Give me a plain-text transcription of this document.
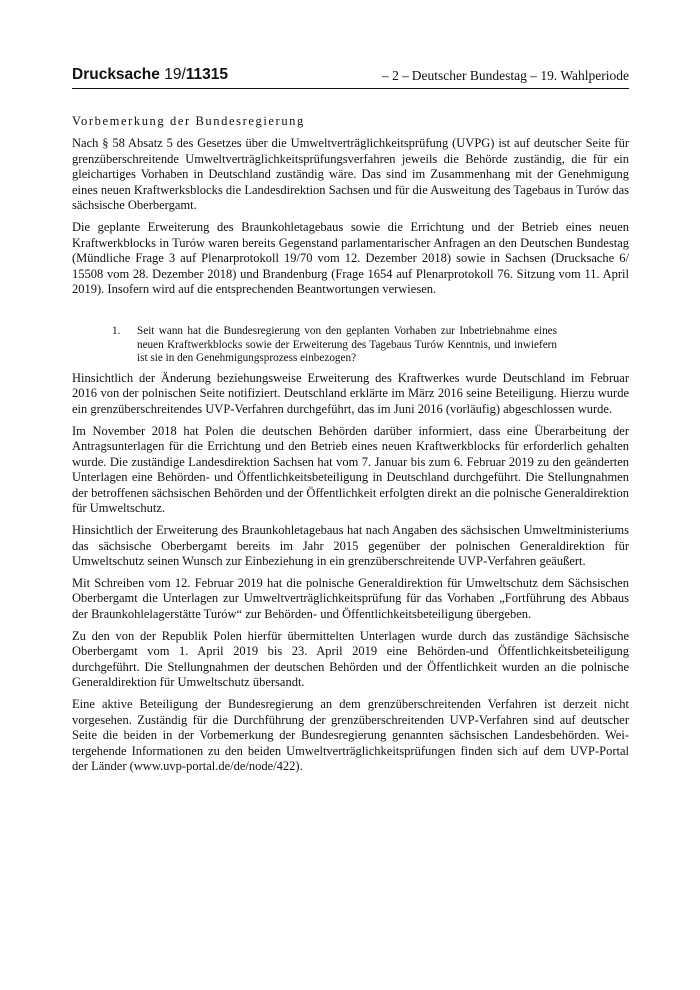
Drucksache 19/11315	– 2 – Deutscher Bundestag – 19. Wahlperiode
Vorbemerkung der Bundesregierung

Nach § 58 Absatz 5 des Gesetzes über die Umweltverträglichkeitsprüfung (UVPG) ist auf deutscher Seite für grenzüberschreitende Umweltverträglichkeitsprüfungsverfahren jeweils die Behörde zuständig, die für ein gleichartiges Vorhaben in Deutschland zuständig wäre. Das sind im Zusammenhang mit der Genehmigung eines neuen Kraftwerksblocks die Landesdirektion Sachsen und für die Ausweitung des Tagebaus in Turów das sächsische Oberbergamt.

Die geplante Erweiterung des Braunkohletagebaus sowie die Errichtung und der Betrieb eines neuen Kraftwerkblocks in Turów waren bereits Gegenstand parlamentarischer Anfragen an den Deutschen Bundestag (Mündliche Frage 3 auf Plenarprotokoll 19/70 vom 12. Dezember 2018) sowie in Sachsen (Drucksache 6/ 15508 vom 28. Dezember 2018) und Brandenburg (Frage 1654 auf Plenarprotokoll 76. Sitzung vom 11. April 2019). Insofern wird auf die entsprechenden Beantwortungen verwiesen.

1. Seit wann hat die Bundesregierung von den geplanten Vorhaben zur Inbetriebnahme eines neuen Kraftwerkblocks sowie der Erweiterung des Tagebaus Turów Kenntnis, und inwiefern ist sie in den Genehmigungsprozess einbezogen?

Hinsichtlich der Änderung beziehungsweise Erweiterung des Kraftwerkes wurde Deutschland im Februar 2016 von der polnischen Seite notifiziert. Deutschland erklärte im März 2016 seine Beteiligung. Hierzu wurde ein grenzüberschreitendes UVP-Verfahren durchgeführt, das im Juni 2016 (vorläufig) abgeschlossen wurde.

Im November 2018 hat Polen die deutschen Behörden darüber informiert, dass eine Überarbeitung der Antragsunterlagen für die Errichtung und den Betrieb eines neuen Kraftwerkblocks für erforderlich gehalten wurde. Die zuständige Landesdirektion Sachsen hat vom 7. Januar bis zum 6. Februar 2019 zu den geänderten Unterlagen eine Behörden- und Öffentlichkeitsbeteiligung in Deutschland durchgeführt. Die Stellungnahmen der betroffenen sächsischen Behörden und der Öffentlichkeit erfolgten direkt an die polnische Generaldirektion für Umweltschutz.

Hinsichtlich der Erweiterung des Braunkohletagebaus hat nach Angaben des sächsischen Umweltministeriums das sächsische Oberbergamt bereits im Jahr 2015 gegenüber der polnischen Generaldirektion für Umweltschutz seinen Wunsch zur Einbeziehung in ein grenzüberschreitende UVP-Verfahren geäußert.

Mit Schreiben vom 12. Februar 2019 hat die polnische Generaldirektion für Umweltschutz dem Sächsischen Oberbergamt die Unterlagen zur Umweltverträglichkeitsprüfung für das Vorhaben „Fortführung des Abbaus der Braunkohlelagerstätte Turów“ zur Behörden- und Öffentlichkeitsbeteiligung übergeben.

Zu den von der Republik Polen hierfür übermittelten Unterlagen wurde durch das zuständige Sächsische Oberbergamt vom 1. April 2019 bis 23. April 2019 eine Behörden-und Öffentlichkeitsbeteiligung durchgeführt. Die Stellungnahmen der deutschen Behörden und der Öffentlichkeit wurden an die polnische Generaldirektion für Umweltschutz übersandt.

Eine aktive Beteiligung der Bundesregierung an dem grenzüberschreitenden Verfahren ist derzeit nicht vorgesehen. Zuständig für die Durchführung der grenzüberschreitenden UVP-Verfahren sind auf deutscher Seite die beiden in der Vorbemerkung der Bundesregierung genannten sächsischen Landesbehörden. Weitergehende Informationen zu den beiden Umweltverträglichkeitsprüfungen finden sich auf dem UVP-Portal der Länder (www.uvp-portal.de/de/node/422).
